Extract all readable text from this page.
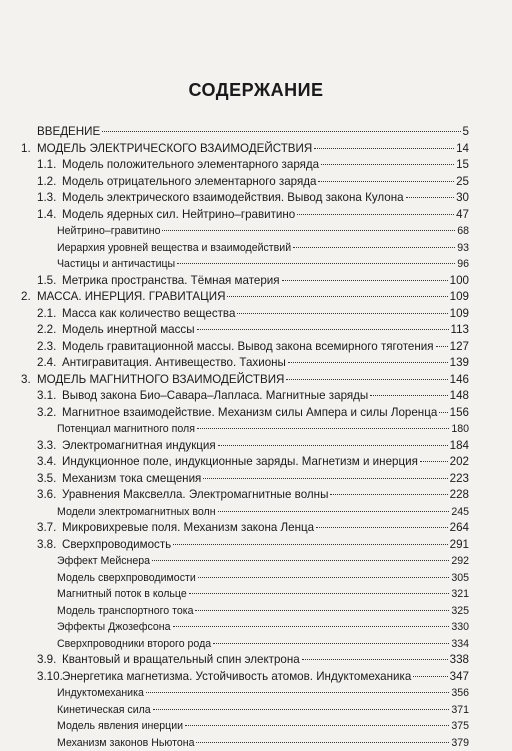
СОДЕРЖАНИЕ
ВВЕДЕНИЕ	5
1. МОДЕЛЬ ЭЛЕКТРИЧЕСКОГО ВЗАИМОДЕЙСТВИЯ	14
1.1. Модель положительного элементарного заряда	15
1.2. Модель отрицательного элементарного заряда	25
1.3. Модель электрического взаимодействия. Вывод закона Кулона	30
1.4. Модель ядерных сил. Нейтрино–гравитино	47
Нейтрино–гравитино	68
Иерархия уровней вещества и взаимодействий	93
Частицы и античастицы	96
1.5. Метрика пространства. Тёмная материя	100
2. МАССА. ИНЕРЦИЯ. ГРАВИТАЦИЯ	109
2.1. Масса как количество вещества	109
2.2. Модель инертной массы	113
2.3. Модель гравитационной массы. Вывод закона всемирного тяготения 127
2.4. Антигравитация. Антивещество. Тахионы	139
3. МОДЕЛЬ МАГНИТНОГО ВЗАИМОДЕЙСТВИЯ	146
3.1. Вывод закона Био–Савара–Лапласа. Магнитные заряды	148
3.2. Магнитное взаимодействие. Механизм силы Ампера и силы Лоренца 156
Потенциал магнитного поля	180
3.3. Электромагнитная индукция	184
3.4. Индукционное поле, индукционные заряды. Магнетизм и инерция	202
3.5. Механизм тока смещения	223
3.6. Уравнения Максвелла. Электромагнитные волны	228
Модели электромагнитных волн	245
3.7. Микровихревые поля. Механизм закона Ленца	264
3.8. Сверхпроводимость	291
Эффект Мейснера	292
Модель сверхпроводимости	305
Магнитный поток в кольце	321
Модель транспортного тока	325
Эффекты Джозефсона	330
Сверхпроводники второго рода	334
3.9. Квантовый и вращательный спин электрона	338
3.10. Энергетика магнетизма. Устойчивость атомов. Индуктомеханика	347
Индуктомеханика	356
Кинетическая сила	371
Модель явления инерции	375
Механизм законов Ньютона	379
